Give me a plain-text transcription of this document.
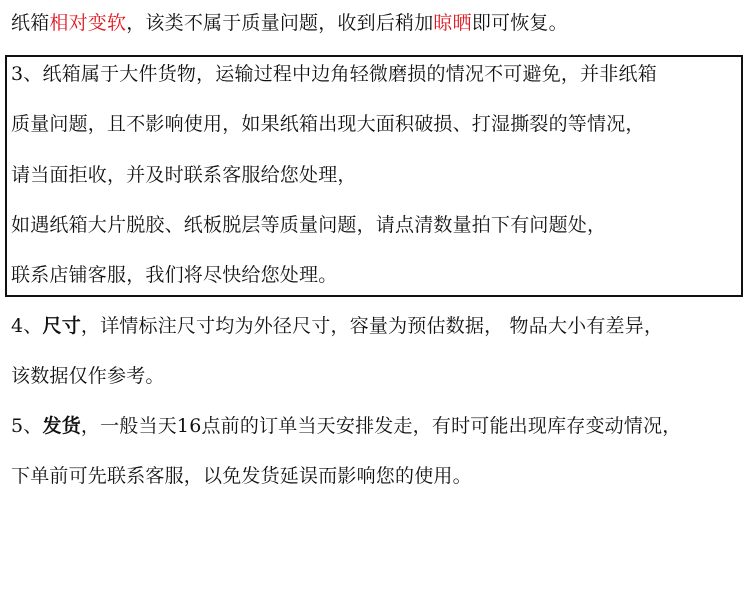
纸箱相对变软，该类不属于质量问题，收到后稍加晾晒即可恢复。
3、纸箱属于大件货物，运输过程中边角轻微磨损的情况不可避免，并非纸箱
质量问题，且不影响使用，如果纸箱出现大面积破损、打湿撕裂的等情况，
请当面拒收，并及时联系客服给您处理，
如遇纸箱大片脱胶、纸板脱层等质量问题，请点清数量拍下有问题处，
联系店铺客服，我们将尽快给您处理。
4、尺寸，详情标注尺寸均为外径尺寸，容量为预估数据， 物品大小有差异，
该数据仅作参考。
5、发货，一般当天16点前的订单当天安排发走，有时可能出现库存变动情况，
下单前可先联系客服，以免发货延误而影响您的使用。
